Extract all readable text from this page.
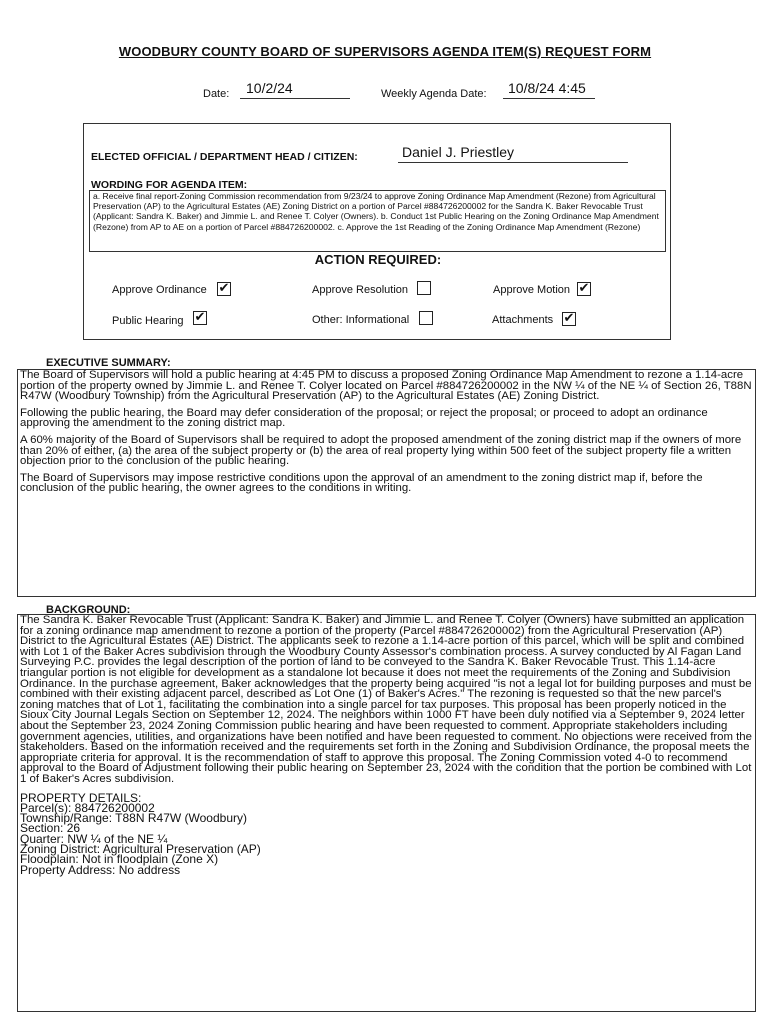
WOODBURY COUNTY BOARD OF SUPERVISORS AGENDA ITEM(S) REQUEST FORM
Date: 10/2/24	Weekly Agenda Date: 10/8/24 4:45
ELECTED OFFICIAL / DEPARTMENT HEAD / CITIZEN:	Daniel J. Priestley
WORDING FOR AGENDA ITEM:
a. Receive final report-Zoning Commission recommendation from 9/23/24 to approve Zoning Ordinance Map Amendment (Rezone) from Agricultural Preservation (AP) to the Agricultural Estates (AE) Zoning District on a portion of Parcel #884726200002 for the Sandra K. Baker Revocable Trust (Applicant: Sandra K. Baker) and Jimmie L. and Renee T. Colyer (Owners). b. Conduct 1st Public Hearing on the Zoning Ordinance Map Amendment (Rezone) from AP to AE on a portion of Parcel #884726200002. c. Approve the 1st Reading of the Zoning Ordinance Map Amendment (Rezone)
ACTION REQUIRED:
Approve Ordinance ✔	Approve Resolution	Approve Motion ✔
Public Hearing ✔	Other: Informational	Attachments ✔
EXECUTIVE SUMMARY:

The Board of Supervisors will hold a public hearing at 4:45 PM to discuss a proposed Zoning Ordinance Map Amendment to rezone a 1.14-acre portion of the property owned by Jimmie L. and Renee T. Colyer located on Parcel #884726200002 in the NW ¼ of the NE ¼ of Section 26, T88N R47W (Woodbury Township) from the Agricultural Preservation (AP) to the Agricultural Estates (AE) Zoning District.

Following the public hearing, the Board may defer consideration of the proposal; or reject the proposal; or proceed to adopt an ordinance approving the amendment to the zoning district map.

A 60% majority of the Board of Supervisors shall be required to adopt the proposed amendment of the zoning district map if the owners of more than 20% of either, (a) the area of the subject property or (b) the area of real property lying within 500 feet of the subject property file a written objection prior to the conclusion of the public hearing.

The Board of Supervisors may impose restrictive conditions upon the approval of an amendment to the zoning district map if, before the conclusion of the public hearing, the owner agrees to the conditions in writing.

BACKGROUND:

The Sandra K. Baker Revocable Trust (Applicant: Sandra K. Baker) and Jimmie L. and Renee T. Colyer (Owners) have submitted an application for a zoning ordinance map amendment to rezone a portion of the property (Parcel #884726200002) from the Agricultural Preservation (AP) District to the Agricultural Estates (AE) District. The applicants seek to rezone a 1.14-acre portion of this parcel, which will be split and combined with Lot 1 of the Baker Acres subdivision through the Woodbury County Assessor's combination process. A survey conducted by Al Fagan Land Surveying P.C. provides the legal description of the portion of land to be conveyed to the Sandra K. Baker Revocable Trust. This 1.14-acre triangular portion is not eligible for development as a standalone lot because it does not meet the requirements of the Zoning and Subdivision Ordinance. In the purchase agreement, Baker acknowledges that the property being acquired "is not a legal lot for building purposes and must be combined with their existing adjacent parcel, described as Lot One (1) of Baker's Acres." The rezoning is requested so that the new parcel's zoning matches that of Lot 1, facilitating the combination into a single parcel for tax purposes. This proposal has been properly noticed in the Sioux City Journal Legals Section on September 12, 2024. The neighbors within 1000 FT have been duly notified via a September 9, 2024 letter about the September 23, 2024 Zoning Commission public hearing and have been requested to comment. Appropriate stakeholders including government agencies, utilities, and organizations have been notified and have been requested to comment. No objections were received from the stakeholders. Based on the information received and the requirements set forth in the Zoning and Subdivision Ordinance, the proposal meets the appropriate criteria for approval. It is the recommendation of staff to approve this proposal. The Zoning Commission voted 4-0 to recommend approval to the Board of Adjustment following their public hearing on September 23, 2024 with the condition that the portion be combined with Lot 1 of Baker's Acres subdivision.

PROPERTY DETAILS:
Parcel(s): 884726200002
Township/Range: T88N R47W (Woodbury)
Section: 26
Quarter: NW ¼ of the NE ¼
Zoning District: Agricultural Preservation (AP)
Floodplain: Not in floodplain (Zone X)
Property Address: No address
